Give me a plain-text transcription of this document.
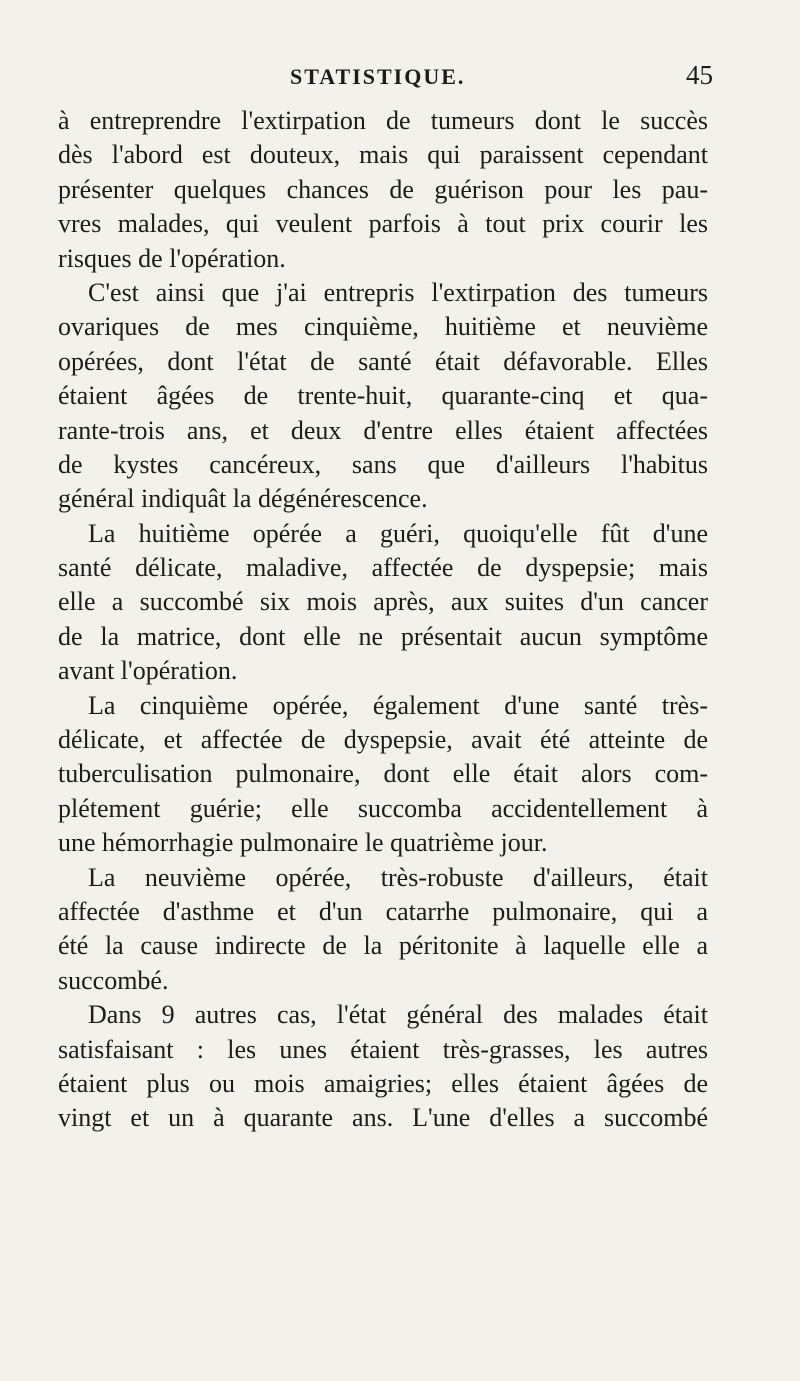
STATISTIQUE.	45
à entreprendre l'extirpation de tumeurs dont le succès
dès l'abord est douteux, mais qui paraissent cependant
présenter quelques chances de guérison pour les pau-
vres malades, qui veulent parfois à tout prix courir les
risques de l'opération.
C'est ainsi que j'ai entrepris l'extirpation des tumeurs
ovariques de mes cinquième, huitième et neuvième
opérées, dont l'état de santé était défavorable. Elles
étaient âgées de trente-huit, quarante-cinq et qua-
rante-trois ans, et deux d'entre elles étaient affectées
de kystes cancéreux, sans que d'ailleurs l'habitus
général indiquât la dégénérescence.
La huitième opérée a guéri, quoiqu'elle fût d'une
santé délicate, maladive, affectée de dyspepsie; mais
elle a succombé six mois après, aux suites d'un cancer
de la matrice, dont elle ne présentait aucun symptôme
avant l'opération.
La cinquième opérée, également d'une santé très-
délicate, et affectée de dyspepsie, avait été atteinte de
tuberculisation pulmonaire, dont elle était alors com-
plétement guérie; elle succomba accidentellement à
une hémorrhagie pulmonaire le quatrième jour.
La neuvième opérée, très-robuste d'ailleurs, était
affectée d'asthme et d'un catarrhe pulmonaire, qui a
été la cause indirecte de la péritonite à laquelle elle a
succombé.
Dans 9 autres cas, l'état général des malades était
satisfaisant : les unes étaient très-grasses, les autres
étaient plus ou mois amaigries; elles étaient âgées de
vingt et un à quarante ans. L'une d'elles a succombé
